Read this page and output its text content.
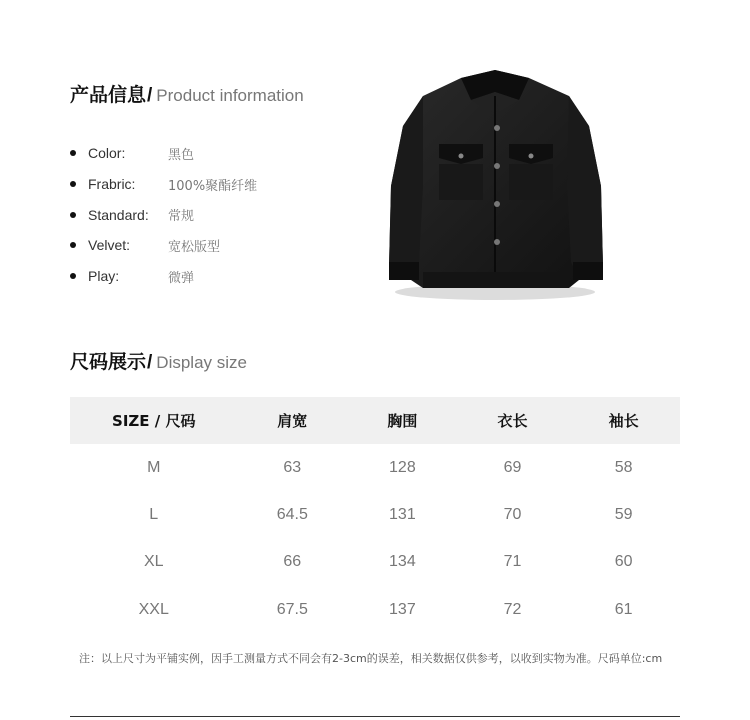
产品信息 / Product information
Color:	黑色
Frabric:	100%聚酯纤维
Standard:	常规
Velvet:	宽松版型
Play:	微弹
尺码展示 / Display size
SIZE / 尺码	肩宽	胸围	衣长	袖长
M	63	128	69	58
L	64.5	131	70	59
XL	66	134	71	60
XXL	67.5	137	72	61
注：以上尺寸为平铺实例，因手工测量方式不同会有2-3cm的误差，相关数据仅供参考，以收到实物为准。尺码单位:cm
